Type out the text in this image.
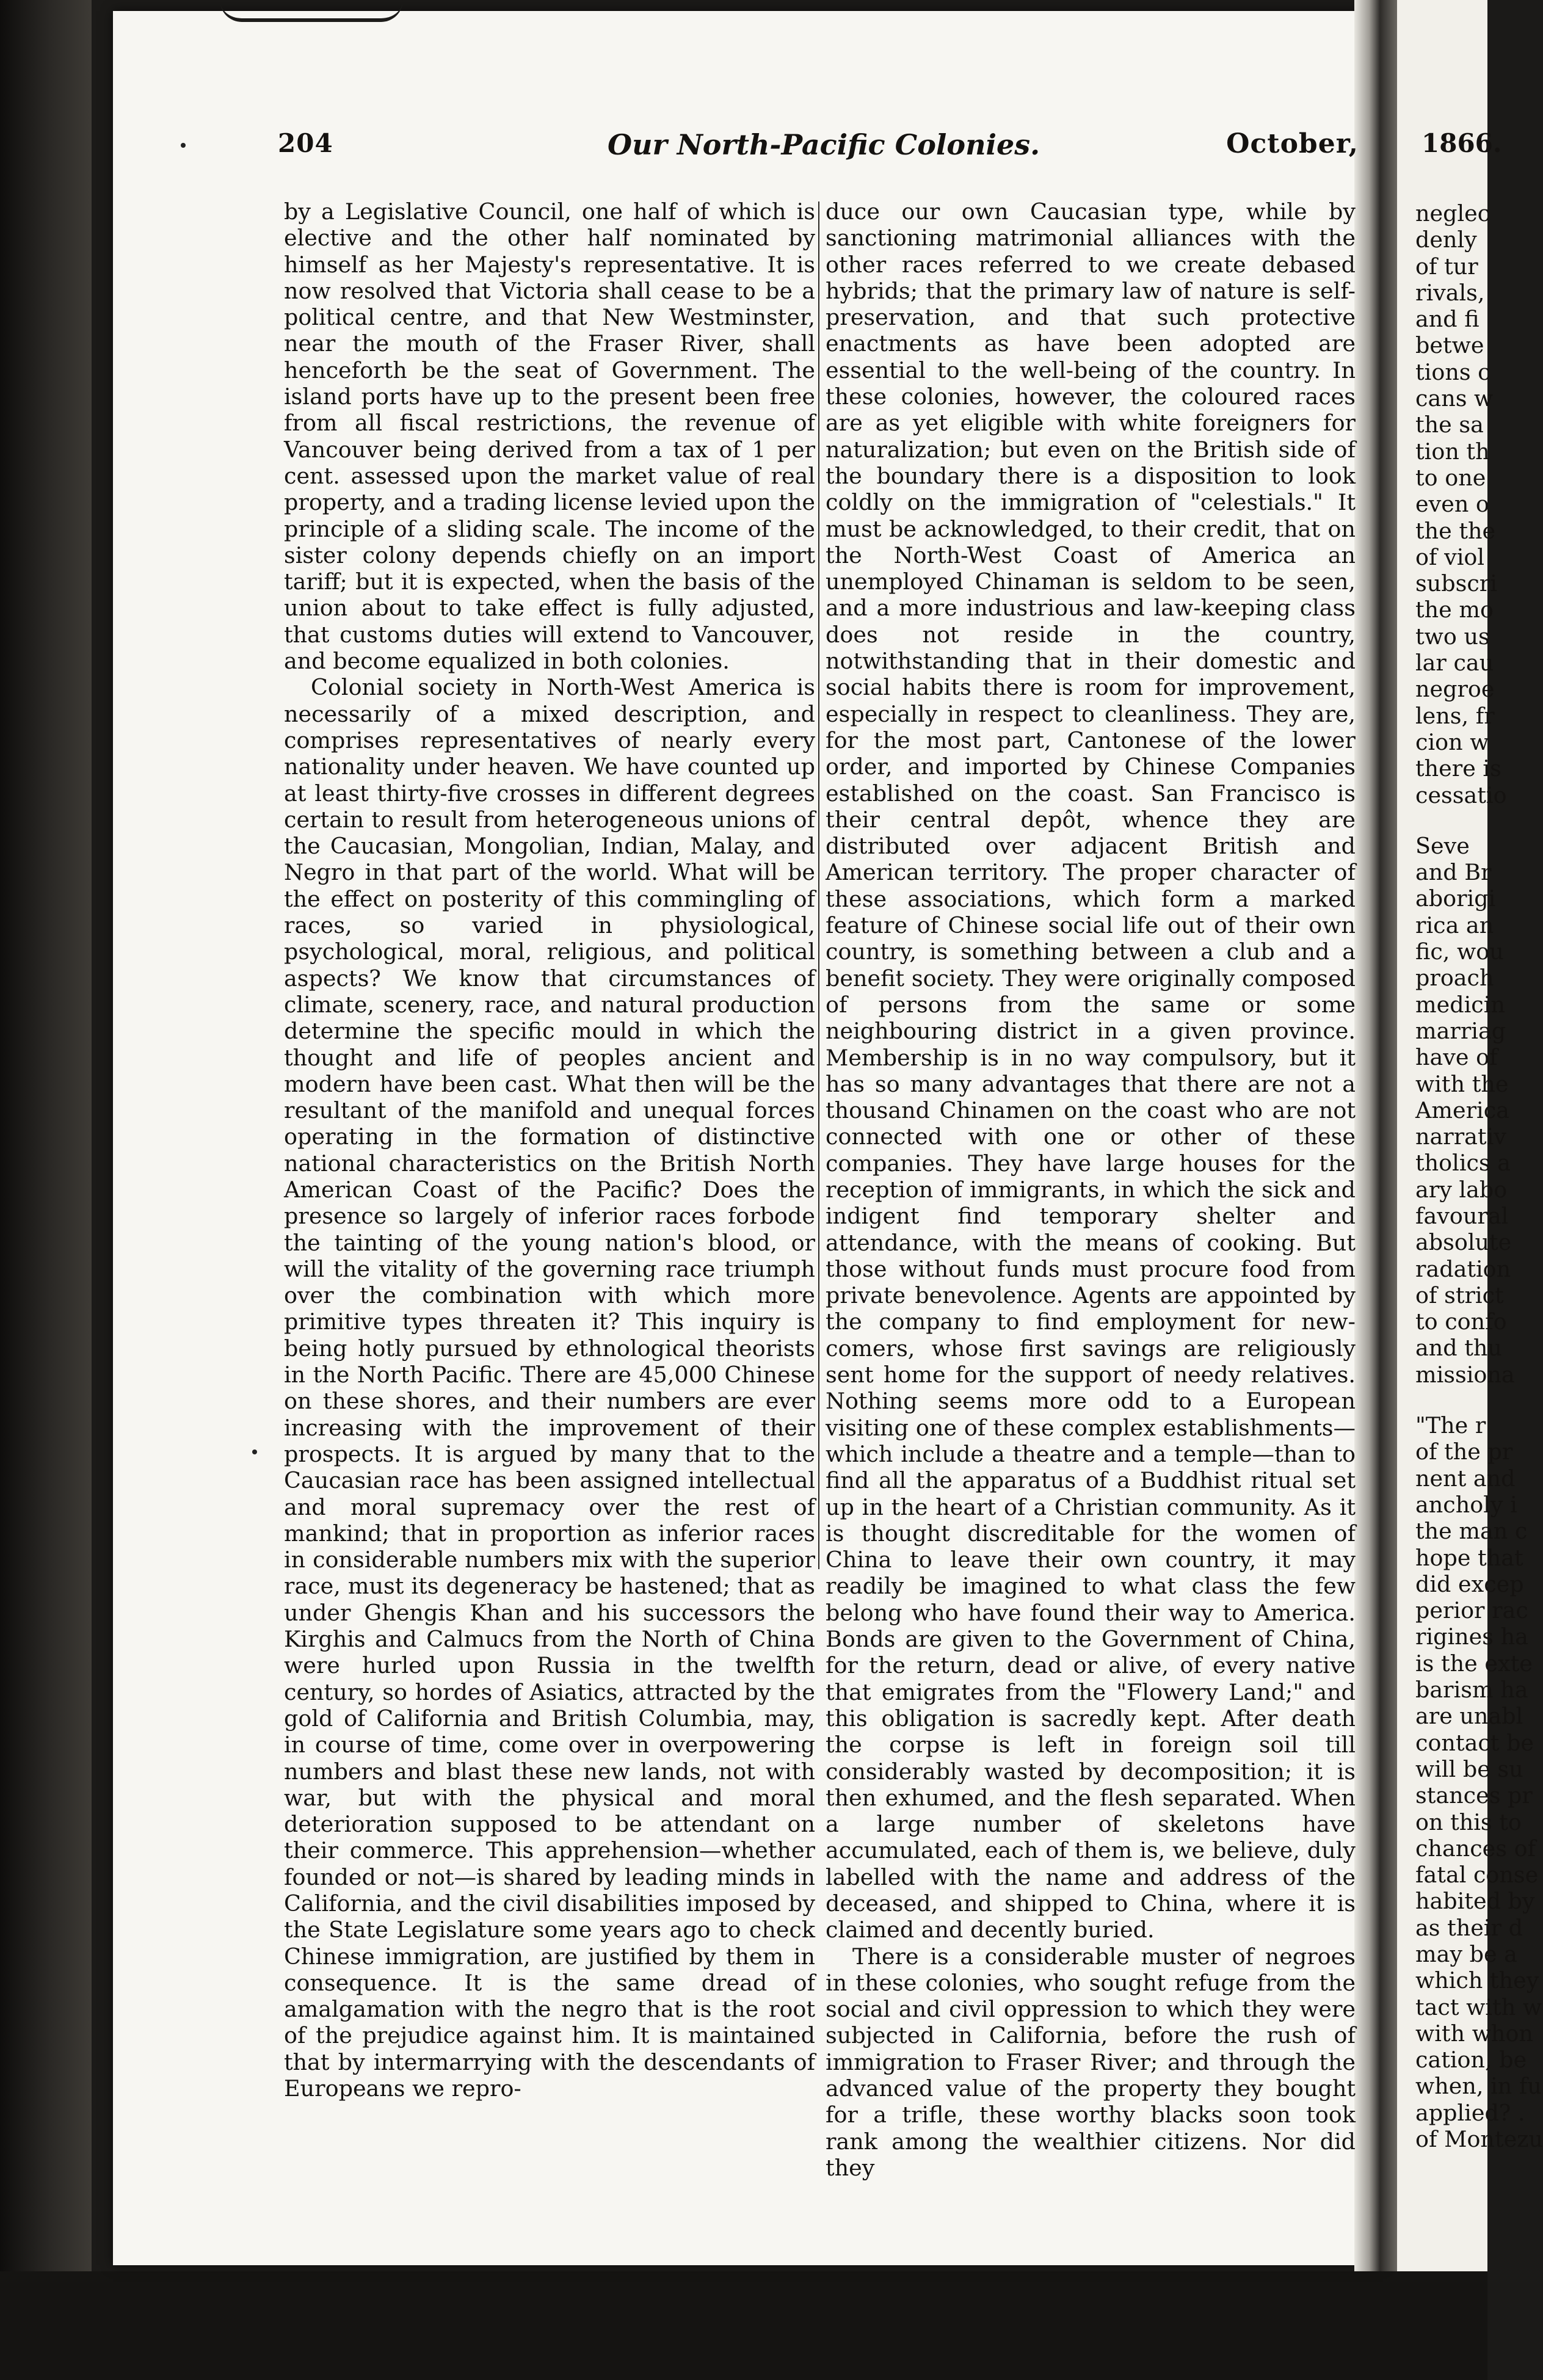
204	Our North-Pacific Colonies.	October,

by a Legislative Council, one half of which is elective and the other half nominated by himself as her Majesty's representative. It is now resolved that Victoria shall cease to be a political centre, and that New Westminster, near the mouth of the Fraser River, shall henceforth be the seat of Government. The island ports have up to the present been free from all fiscal restrictions, the revenue of Vancouver being derived from a tax of 1 per cent. assessed upon the market value of real property, and a trading license levied upon the principle of a sliding scale. The income of the sister colony depends chiefly on an import tariff; but it is expected, when the basis of the union about to take effect is fully adjusted, that customs duties will extend to Vancouver, and become equalized in both colonies.

Colonial society in North-West America is necessarily of a mixed description, and comprises representatives of nearly every nationality under heaven. We have counted up at least thirty-five crosses in different degrees certain to result from heterogeneous unions of the Caucasian, Mongolian, Indian, Malay, and Negro in that part of the world. What will be the effect on posterity of this commingling of races, so varied in physiological, psychological, moral, religious, and political aspects? We know that circumstances of climate, scenery, race, and natural production determine the specific mould in which the thought and life of peoples ancient and modern have been cast. What then will be the resultant of the manifold and unequal forces operating in the formation of distinctive national characteristics on the British North American Coast of the Pacific? Does the presence so largely of inferior races forbode the tainting of the young nation's blood, or will the vitality of the governing race triumph over the combination with which more primitive types threaten it? This inquiry is being hotly pursued by ethnological theorists in the North Pacific. There are 45,000 Chinese on these shores, and their numbers are ever increasing with the improvement of their prospects. It is argued by many that to the Caucasian race has been assigned intellectual and moral supremacy over the rest of mankind; that in proportion as inferior races in considerable numbers mix with the superior race, must its degeneracy be hastened; that as under Ghengis Khan and his successors the Kirghis and Calmucs from the North of China were hurled upon Russia in the twelfth century, so hordes of Asiatics, attracted by the gold of California and British Columbia, may, in course of time, come over in overpowering numbers and blast these new lands, not with war, but with the physical and moral deterioration supposed to be attendant on their commerce. This apprehension—whether founded or not—is shared by leading minds in California, and the civil disabilities imposed by the State Legislature some years ago to check Chinese immigration, are justified by them in consequence. It is the same dread of amalgamation with the negro that is the root of the prejudice against him. It is maintained that by intermarrying with the descendants of Europeans we repro-

duce our own Caucasian type, while by sanctioning matrimonial alliances with the other races referred to we create debased hybrids; that the primary law of nature is self-preservation, and that such protective enactments as have been adopted are essential to the well-being of the country. In these colonies, however, the coloured races are as yet eligible with white foreigners for naturalization; but even on the British side of the boundary there is a disposition to look coldly on the immigration of "celestials." It must be acknowledged, to their credit, that on the North-West Coast of America an unemployed Chinaman is seldom to be seen, and a more industrious and law-keeping class does not reside in the country, notwithstanding that in their domestic and social habits there is room for improvement, especially in respect to cleanliness. They are, for the most part, Cantonese of the lower order, and imported by Chinese Companies established on the coast. San Francisco is their central depôt, whence they are distributed over adjacent British and American territory. The proper character of these associations, which form a marked feature of Chinese social life out of their own country, is something between a club and a benefit society. They were originally composed of persons from the same or some neighbouring district in a given province. Membership is in no way compulsory, but it has so many advantages that there are not a thousand Chinamen on the coast who are not connected with one or other of these companies. They have large houses for the reception of immigrants, in which the sick and indigent find temporary shelter and attendance, with the means of cooking. But those without funds must procure food from private benevolence. Agents are appointed by the company to find employment for new-comers, whose first savings are religiously sent home for the support of needy relatives. Nothing seems more odd to a European visiting one of these complex establishments—which include a theatre and a temple—than to find all the apparatus of a Buddhist ritual set up in the heart of a Christian community. As it is thought discreditable for the women of China to leave their own country, it may readily be imagined to what class the few belong who have found their way to America. Bonds are given to the Government of China, for the return, dead or alive, of every native that emigrates from the "Flowery Land;" and this obligation is sacredly kept. After death the corpse is left in foreign soil till considerably wasted by decomposition; it is then exhumed, and the flesh separated. When a large number of skeletons have accumulated, each of them is, we believe, duly labelled with the name and address of the deceased, and shipped to China, where it is claimed and decently buried.

There is a considerable muster of negroes in these colonies, who sought refuge from the social and civil oppression to which they were subjected in California, before the rush of immigration to Fraser River; and through the advanced value of the property they bought for a trifle, these worthy blacks soon took rank among the wealthier citizens. Nor did they

1866.
neglec
denly
of tur
rivals,
and fi
betwe
tions c
cans w
the sa
tion th
to one
even o
the the
of viol
subscri
the mo
two us
lar cau
negroe
lens, fr
cion w
there is
cessatio
Seve
and Br
aborigi
rica an
fic, wou
proach
medicin
marriag
have of
with the
America
narrativ
tholics a
ary labo
favoural
absolute
radation
of strict
to confo
and thu
missiona
"The r
of the pr
nent and
ancholy i
the man c
hope that
did excep
perior rac
rigines ha
is the exte
barism ha
are unabl
contact be
will be su
stances pr
on this to
chances of
fatal conse
habited by
as their d
may be a
which they
tact with w
with whon
cation, be
when, in fu
applied? .
of Montezu
